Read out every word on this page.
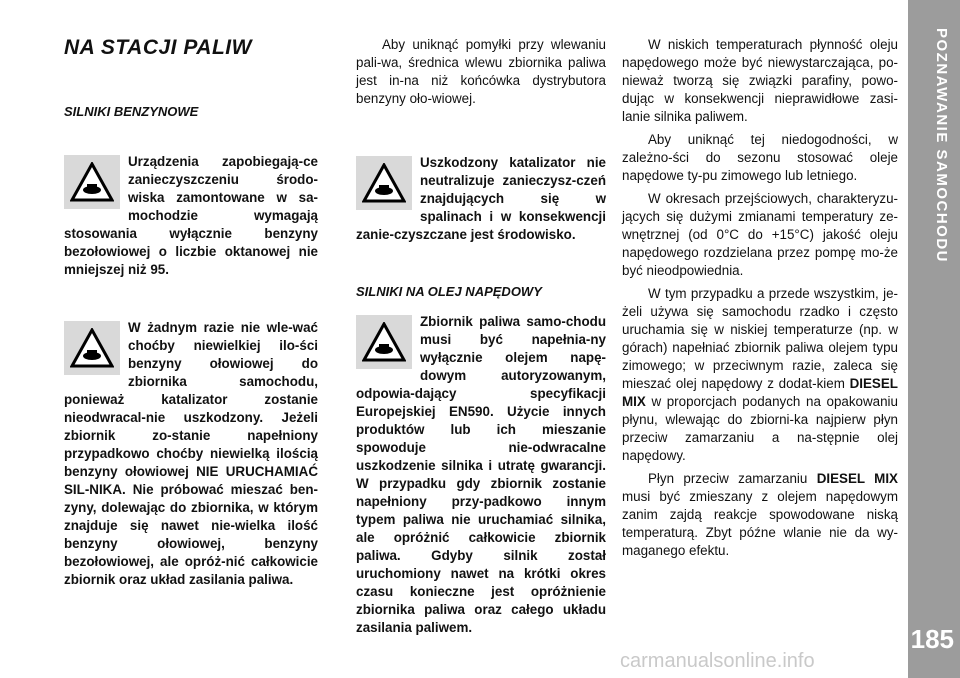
POZNAWANIE SAMOCHODU
185
NA STACJI PALIW
SILNIKI BENZYNOWE

Urządzenia zapobiegają-ce zanieczyszczeniu środo-wiska zamontowane w sa-mochodzie wymagają stosowania wyłącznie benzyny bezołowiowej o liczbie oktanowej nie mniejszej niż 95.

W żadnym razie nie wle-wać choćby niewielkiej ilo-ści benzyny ołowiowej do zbiornika samochodu, ponieważ katalizator zostanie nieodwracal-nie uszkodzony. Jeżeli zbiornik zo-stanie napełniony przypadkowo choćby niewielką ilością benzyny ołowiowej NIE URUCHAMIAĆ SIL-NIKA. Nie próbować mieszać ben-zyny, dolewając do zbiornika, w którym znajduje się nawet nie-wielka ilość benzyny ołowiowej, benzyny bezołowiowej, ale opróż-nić całkowicie zbiornik oraz układ zasilania paliwa.

Aby uniknąć pomyłki przy wlewaniu pali-wa, średnica wlewu zbiornika paliwa jest in-na niż końcówka dystrybutora benzyny oło-wiowej.

Uszkodzony katalizator nie neutralizuje zanieczysz-czeń znajdujących się w spalinach i w konsekwencji zanie-czyszczane jest środowisko.

SILNIKI NA OLEJ NAPĘDOWY

Zbiornik paliwa samo-chodu musi być napełnia-ny wyłącznie olejem napę-dowym autoryzowanym, odpowia-dający specyfikacji Europejskiej EN590. Użycie innych produktów lub ich mieszanie spowoduje nie-odwracalne uszkodzenie silnika i utratę gwarancji. W przypadku gdy zbiornik zostanie napełniony przy-padkowo innym typem paliwa nie uruchamiać silnika, ale opróżnić całkowicie zbiornik paliwa. Gdyby silnik został uruchomiony nawet na krótki okres czasu konieczne jest opróżnienie zbiornika paliwa oraz całego układu zasilania paliwem.

W niskich temperaturach płynność oleju napędowego może być niewystarczająca, po-nieważ tworzą się związki parafiny, powo-dując w konsekwencji nieprawidłowe zasi-lanie silnika paliwem.

Aby uniknąć tej niedogodności, w zależno-ści do sezonu stosować oleje napędowe ty-pu zimowego lub letniego.

W okresach przejściowych, charakteryzu-jących się dużymi zmianami temperatury ze-wnętrznej (od 0°C do +15°C) jakość oleju napędowego rozdzielana przez pompę mo-że być nieodpowiednia.

W tym przypadku a przede wszystkim, je-żeli używa się samochodu rzadko i często uruchamia się w niskiej temperaturze (np. w górach) napełniać zbiornik paliwa olejem typu zimowego; w przeciwnym razie, zaleca się mieszać olej napędowy z dodat-kiem DIESEL MIX w proporcjach podanych na opakowaniu płynu, wlewając do zbiorni-ka najpierw płyn przeciw zamarzaniu a na-stępnie olej napędowy.

Płyn przeciw zamarzaniu DIESEL MIX musi być zmieszany z olejem napędowym zanim zajdą reakcje spowodowane niską temperaturą. Zbyt późne wlanie nie da wy-maganego efektu.

carmanualsonline.info
